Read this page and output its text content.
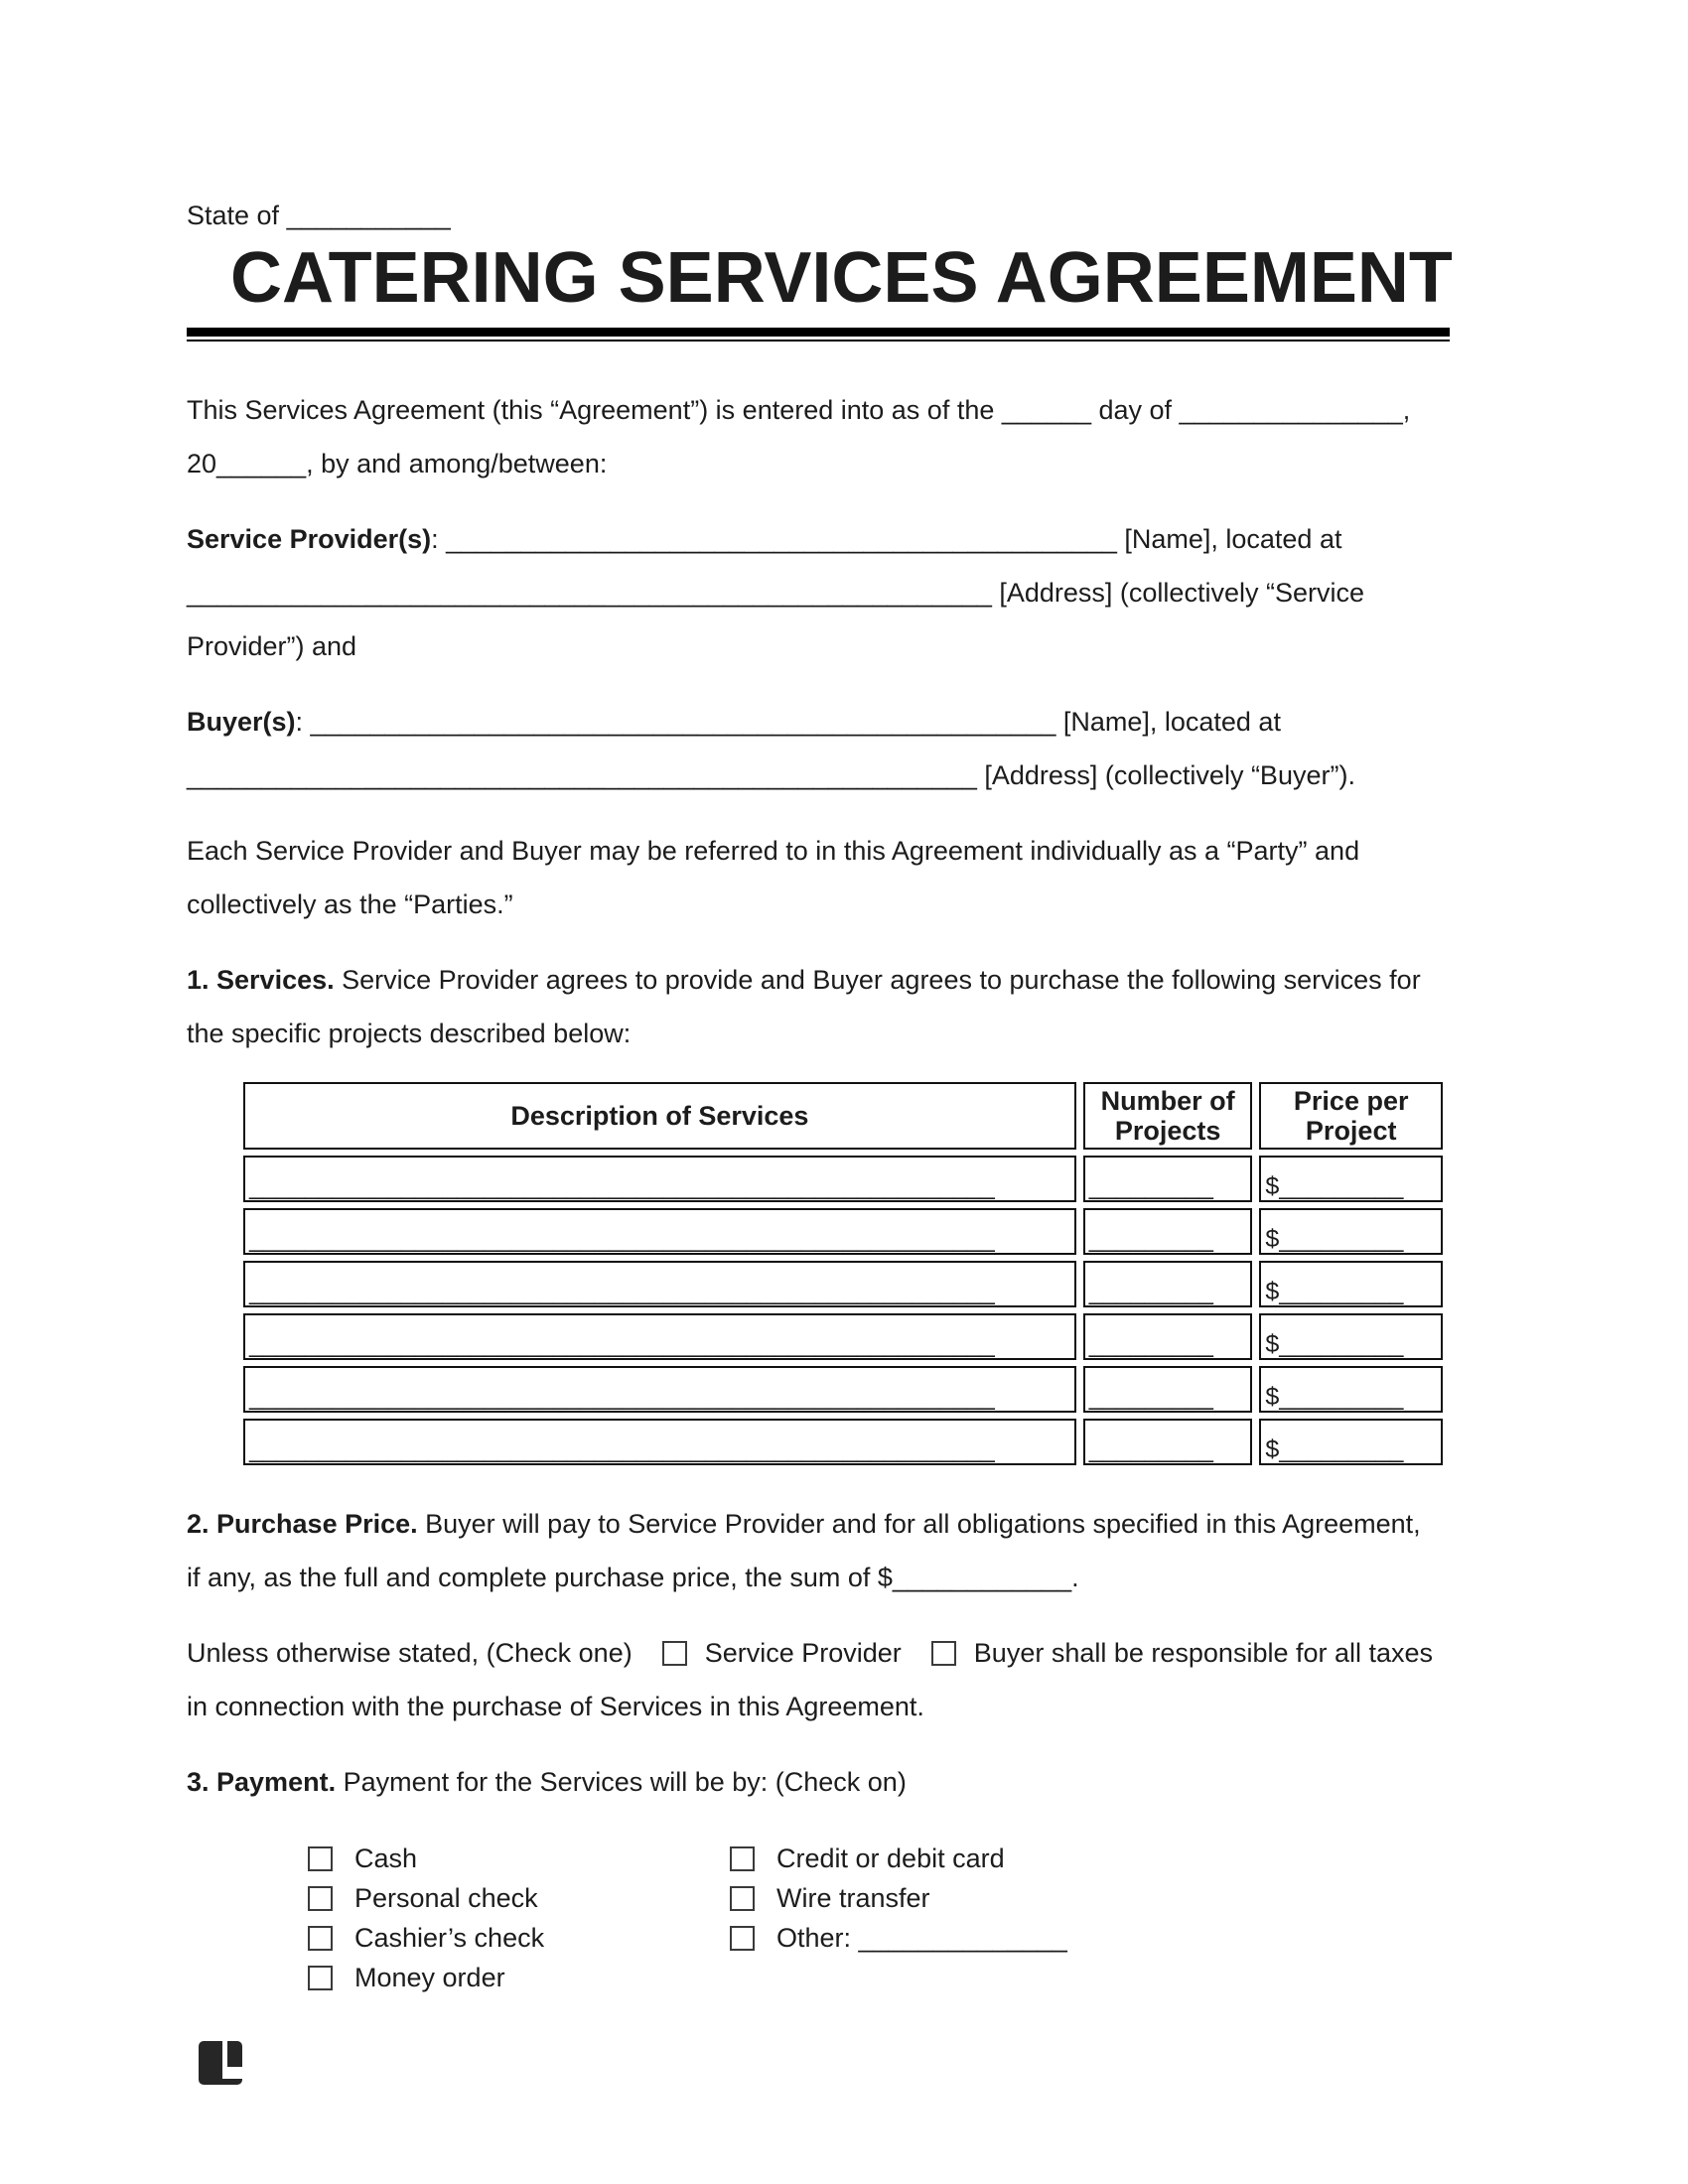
State of ___________
CATERING SERVICES AGREEMENT
This Services Agreement (this “Agreement”) is entered into as of the ______ day of _______________,
20______, by and among/between:
Service Provider(s): _____________________________________________ [Name], located at
______________________________________________________ [Address] (collectively “Service
Provider”) and
Buyer(s): __________________________________________________ [Name], located at
_____________________________________________________ [Address] (collectively “Buyer”).
Each Service Provider and Buyer may be referred to in this Agreement individually as a “Party” and
collectively as the “Parties.”
1. Services. Service Provider agrees to provide and Buyer agrees to purchase the following services for
the specific projects described below:
Description of Services	Number of Projects	Price per Project
______________________________________________________	_________	$_________
______________________________________________________	_________	$_________
______________________________________________________	_________	$_________
______________________________________________________	_________	$_________
______________________________________________________	_________	$_________
______________________________________________________	_________	$_________
2. Purchase Price. Buyer will pay to Service Provider and for all obligations specified in this Agreement,
if any, as the full and complete purchase price, the sum of $____________.
Unless otherwise stated, (Check one)	Service Provider	Buyer shall be responsible for all taxes
in connection with the purchase of Services in this Agreement.
3. Payment. Payment for the Services will be by: (Check on)
Cash
Personal check
Cashier’s check
Money order
Credit or debit card
Wire transfer
Other: ______________
